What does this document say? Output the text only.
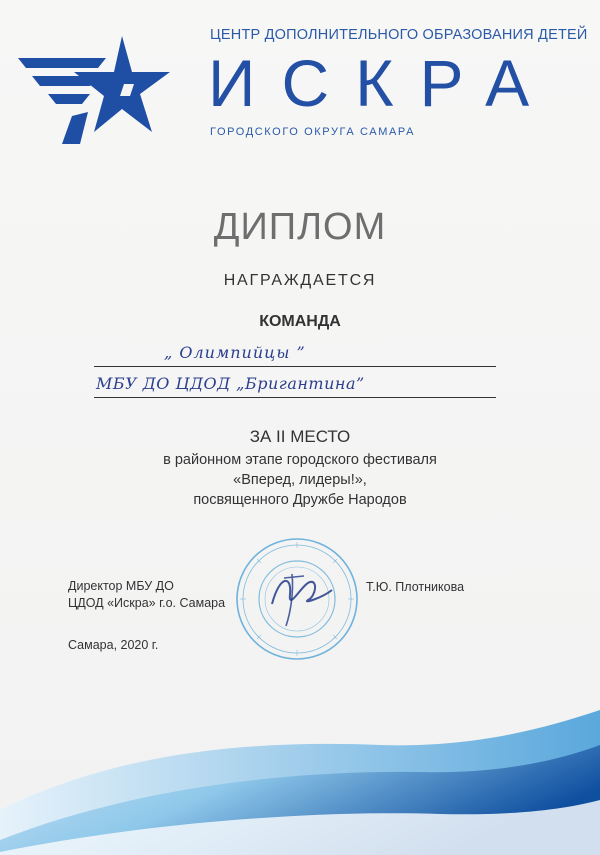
ЦЕНТР ДОПОЛНИТЕЛЬНОГО ОБРАЗОВАНИЯ ДЕТЕЙ
ИСКРА
ГОРОДСКОГО ОКРУГА САМАРА
ДИПЛОМ
НАГРАЖДАЕТСЯ
КОМАНДА
„ Олимпийцы ”
МБУ ДО ЦДОД „Бригантина”
ЗА II МЕСТО
в районном этапе городского фестиваля
«Вперед, лидеры!»,
посвященного Дружбе Народов
Директор МБУ ДО
ЦДОД «Искра» г.о. Самара
Т.Ю. Плотникова
Самара, 2020 г.
